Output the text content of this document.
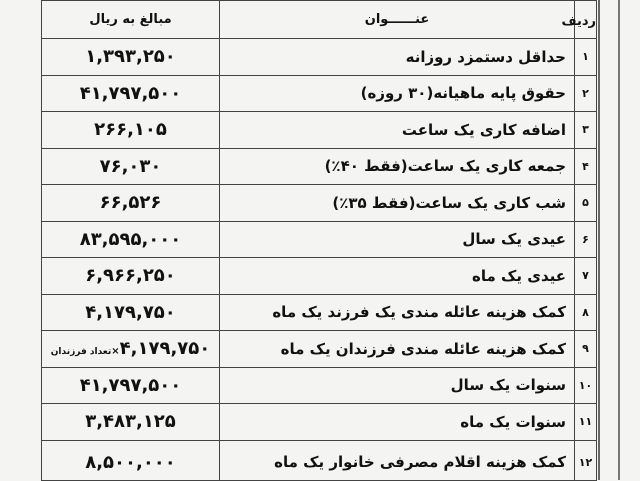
ردیف	عنــــــوان	مبالغ به ریال
۱	حداقل دستمزد روزانه	۱,۳۹۳,۲۵۰
۲	حقوق پایه ماهیانه(۳۰ روزه)	۴۱,۷۹۷,۵۰۰
۳	اضافه کاری یک ساعت	۲۶۶,۱۰۵
۴	جمعه کاری یک ساعت(فقط ۴۰٪)	۷۶,۰۳۰
۵	شب کاری یک ساعت(فقط ۳۵٪)	۶۶,۵۲۶
۶	عیدی یک سال	۸۳,۵۹۵,۰۰۰
۷	عیدی یک ماه	۶,۹۶۶,۲۵۰
۸	کمک هزینه عائله مندی یک فرزند یک ماه	۴,۱۷۹,۷۵۰
۹	کمک هزینه عائله مندی فرزندان یک ماه	۴,۱۷۹,۷۵۰×تعداد فرزندان
۱۰	سنوات یک سال	۴۱,۷۹۷,۵۰۰
۱۱	سنوات یک ماه	۳,۴۸۳,۱۲۵
۱۲	کمک هزینه اقلام مصرفی خانوار یک ماه	۸,۵۰۰,۰۰۰
